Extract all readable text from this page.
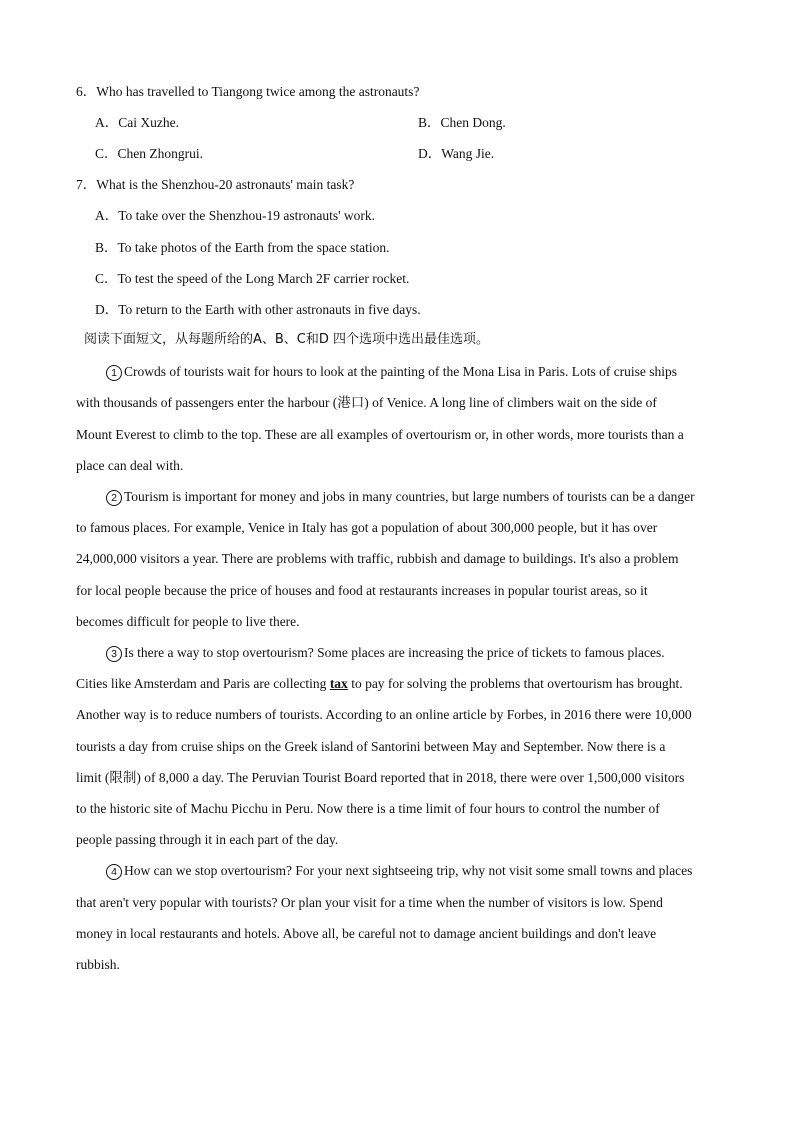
6．Who has travelled to Tiangong twice among the astronauts?
A．Cai Xuzhe.	B．Chen Dong.
C．Chen Zhongrui.	D．Wang Jie.
7．What is the Shenzhou-20 astronauts' main task?
A．To take over the Shenzhou-19 astronauts' work.
B．To take photos of the Earth from the space station.
C．To test the speed of the Long March 2F carrier rocket.
D．To return to the Earth with other astronauts in five days.
阅读下面短文，从每题所给的A、B、C和D 四个选项中选出最佳选项。
1 Crowds of tourists wait for hours to look at the painting of the Mona Lisa in Paris. Lots of cruise ships
with thousands of passengers enter the harbour (港口) of Venice. A long line of climbers wait on the side of
Mount Everest to climb to the top. These are all examples of overtourism or, in other words, more tourists than a
place can deal with.
2 Tourism is important for money and jobs in many countries, but large numbers of tourists can be a danger
to famous places. For example, Venice in Italy has got a population of about 300,000 people, but it has over
24,000,000 visitors a year. There are problems with traffic, rubbish and damage to buildings. It's also a problem
for local people because the price of houses and food at restaurants increases in popular tourist areas, so it
becomes difficult for people to live there.
3 Is there a way to stop overtourism? Some places are increasing the price of tickets to famous places.
Cities like Amsterdam and Paris are collecting tax to pay for solving the problems that overtourism has brought.
Another way is to reduce numbers of tourists. According to an online article by Forbes, in 2016 there were 10,000
tourists a day from cruise ships on the Greek island of Santorini between May and September. Now there is a
limit (限制) of 8,000 a day. The Peruvian Tourist Board reported that in 2018, there were over 1,500,000 visitors
to the historic site of Machu Picchu in Peru. Now there is a time limit of four hours to control the number of
people passing through it in each part of the day.
4 How can we stop overtourism? For your next sightseeing trip, why not visit some small towns and places
that aren't very popular with tourists? Or plan your visit for a time when the number of visitors is low. Spend
money in local restaurants and hotels. Above all, be careful not to damage ancient buildings and don't leave
rubbish.
